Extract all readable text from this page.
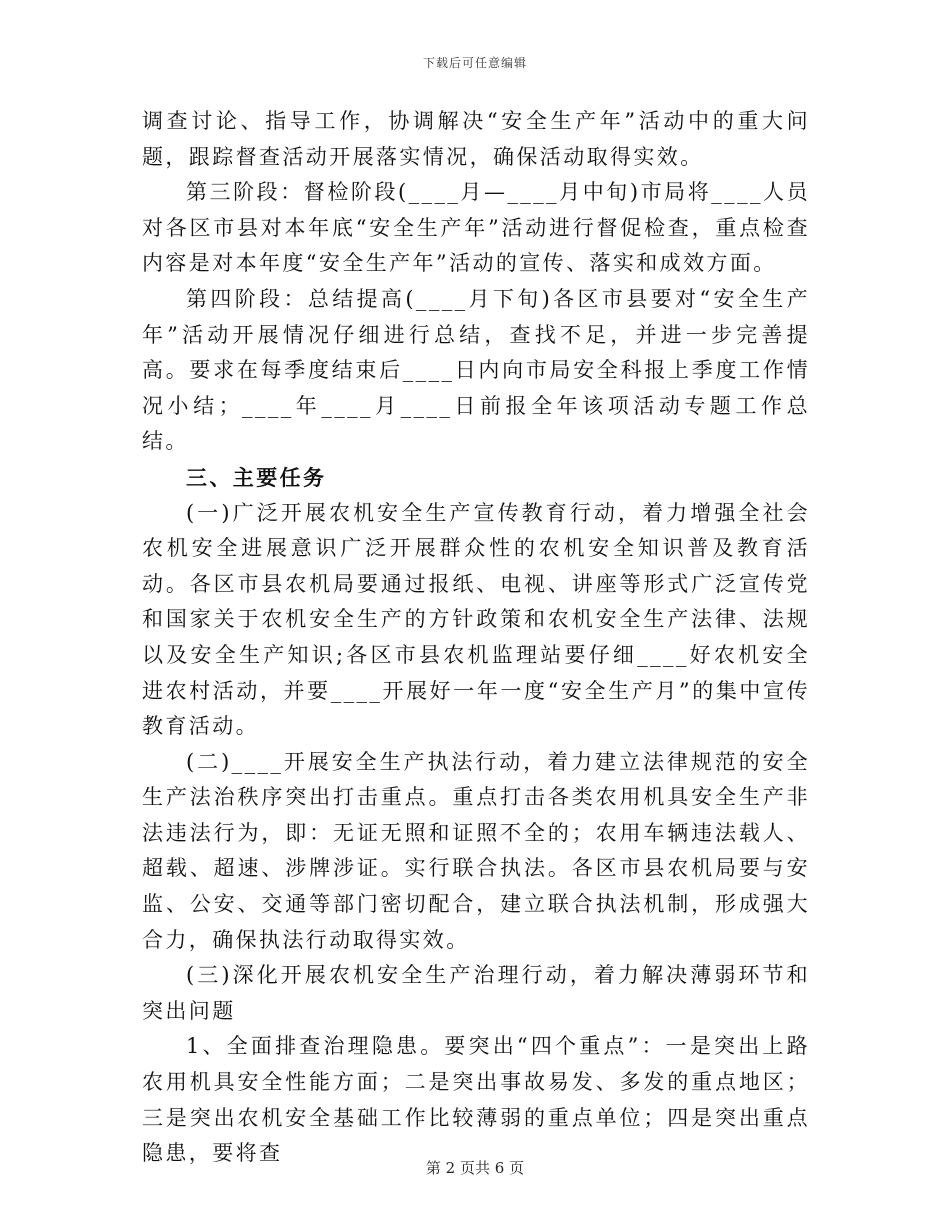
下载后可任意编辑

调查讨论、指导工作，协调解决“安全生产年”活动中的重大问题，跟踪督查活动开展落实情况，确保活动取得实效。

第三阶段：督检阶段(____月—____月中旬)市局将____人员对各区市县对本年底“安全生产年”活动进行督促检查，重点检查内容是对本年度“安全生产年”活动的宣传、落实和成效方面。

第四阶段：总结提高(____月下旬)各区市县要对“安全生产年”活动开展情况仔细进行总结，查找不足，并进一步完善提高。要求在每季度结束后____日内向市局安全科报上季度工作情况小结；____年____月____日前报全年该项活动专题工作总结。

三、主要任务

(一)广泛开展农机安全生产宣传教育行动，着力增强全社会农机安全进展意识广泛开展群众性的农机安全知识普及教育活动。各区市县农机局要通过报纸、电视、讲座等形式广泛宣传党和国家关于农机安全生产的方针政策和农机安全生产法律、法规以及安全生产知识;各区市县农机监理站要仔细____好农机安全进农村活动，并要____开展好一年一度“安全生产月”的集中宣传教育活动。

(二)____开展安全生产执法行动，着力建立法律规范的安全生产法治秩序突出打击重点。重点打击各类农用机具安全生产非法违法行为，即：无证无照和证照不全的；农用车辆违法载人、超载、超速、涉牌涉证。实行联合执法。各区市县农机局要与安监、公安、交通等部门密切配合，建立联合执法机制，形成强大合力，确保执法行动取得实效。

(三)深化开展农机安全生产治理行动，着力解决薄弱环节和突出问题

1、全面排查治理隐患。要突出“四个重点”：一是突出上路农用机具安全性能方面；二是突出事故易发、多发的重点地区；三是突出农机安全基础工作比较薄弱的重点单位；四是突出重点隐患，要将查

第 2 页共 6 页
